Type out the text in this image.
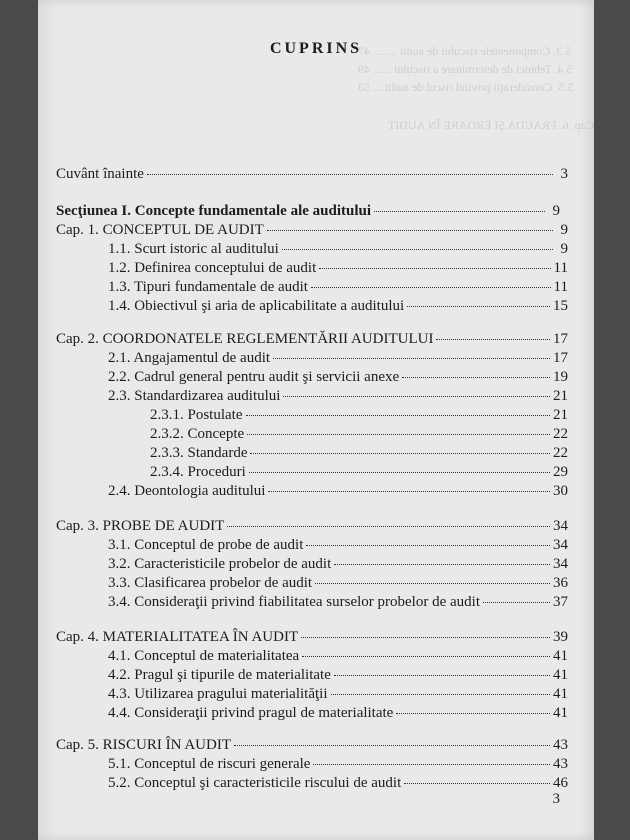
5.3. Componentele riscului de audit ........ 47
5.4. Tehnici de determinare a riscului ...... 49
5.5. Consideraţii privind riscul de audit ... 53
Cap. 6. FRAUDA ŞI EROARE ÎN AUDIT
CUPRINS
Cuvânt înainte	3
Secţiunea I. Concepte fundamentale ale auditului	9
Cap. 1. CONCEPTUL DE AUDIT	9
1.1. Scurt istoric al auditului	9
1.2. Definirea conceptului de audit	11
1.3. Tipuri fundamentale de audit	11
1.4. Obiectivul şi aria de aplicabilitate a auditului	15
Cap. 2. COORDONATELE REGLEMENTĂRII AUDITULUI	17
2.1. Angajamentul de audit	17
2.2. Cadrul general pentru audit şi servicii anexe	19
2.3. Standardizarea auditului	21
2.3.1. Postulate	21
2.3.2. Concepte	22
2.3.3. Standarde	22
2.3.4. Proceduri	29
2.4. Deontologia auditului	30
Cap. 3. PROBE DE AUDIT	34
3.1. Conceptul de probe de audit	34
3.2. Caracteristicile probelor de audit	34
3.3. Clasificarea probelor de audit	36
3.4. Consideraţii privind fiabilitatea surselor probelor de audit	37
Cap. 4. MATERIALITATEA ÎN AUDIT	39
4.1. Conceptul de materialitatea	41
4.2. Pragul şi tipurile de materialitate	41
4.3. Utilizarea pragului materialităţii	41
4.4. Consideraţii privind pragul de materialitate	41
Cap. 5. RISCURI ÎN AUDIT	43
5.1. Conceptul de riscuri generale	43
5.2. Conceptul şi caracteristicile riscului de audit	46
3
